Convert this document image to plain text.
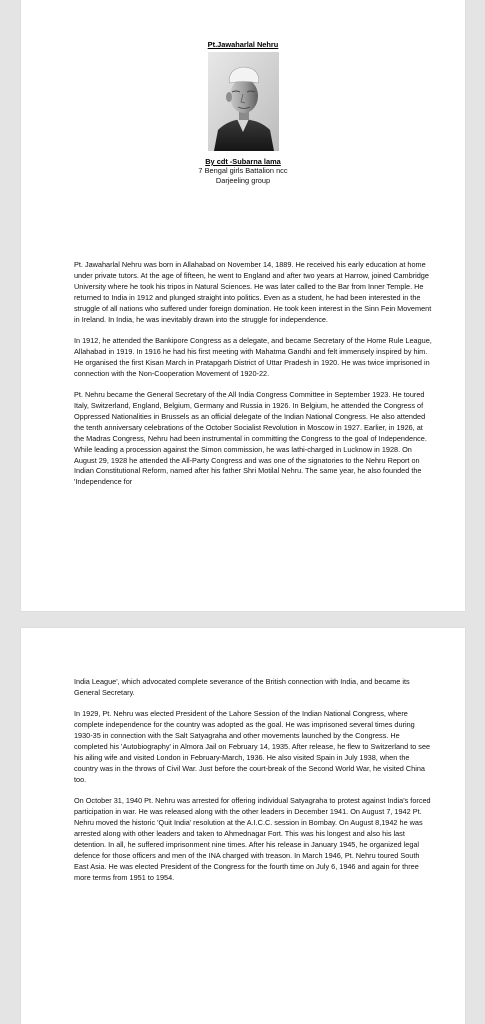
Pt.Jawaharlal Nehru
By cdt -Subarna lama
7 Bengal girls Battalion ncc
Darjeeling group

Pt. Jawaharlal Nehru was born in Allahabad on November 14, 1889. He received his early education at home under private tutors. At the age of fifteen, he went to England and after two years at Harrow, joined Cambridge University where he took his tripos in Natural Sciences. He was later called to the Bar from Inner Temple. He returned to India in 1912 and plunged straight into politics. Even as a student, he had been interested in the struggle of all nations who suffered under foreign domination. He took keen interest in the Sinn Fein Movement in Ireland. In India, he was inevitably drawn into the struggle for independence.

In 1912, he attended the Bankipore Congress as a delegate, and became Secretary of the Home Rule League, Allahabad in 1919. In 1916 he had his first meeting with Mahatma Gandhi and felt immensely inspired by him. He organised the first Kisan March in Pratapgarh District of Uttar Pradesh in 1920. He was twice imprisoned in connection with the Non-Cooperation Movement of 1920-22.

Pt. Nehru became the General Secretary of the All India Congress Committee in September 1923. He toured Italy, Switzerland, England, Belgium, Germany and Russia in 1926. In Belgium, he attended the Congress of Oppressed Nationalities in Brussels as an official delegate of the Indian National Congress. He also attended the tenth anniversary celebrations of the October Socialist Revolution in Moscow in 1927. Earlier, in 1926, at the Madras Congress, Nehru had been instrumental in committing the Congress to the goal of Independence. While leading a procession against the Simon commission, he was lathi-charged in Lucknow in 1928. On August 29, 1928 he attended the All-Party Congress and was one of the signatories to the Nehru Report on Indian Constitutional Reform, named after his father Shri Motilal Nehru. The same year, he also founded the 'Independence for

India League', which advocated complete severance of the British connection with India, and became its General Secretary.

In 1929, Pt. Nehru was elected President of the Lahore Session of the Indian National Congress, where complete independence for the country was adopted as the goal. He was imprisoned several times during 1930-35 in connection with the Salt Satyagraha and other movements launched by the Congress. He completed his 'Autobiography' in Almora Jail on February 14, 1935. After release, he flew to Switzerland to see his ailing wife and visited London in February-March, 1936. He also visited Spain in July 1938, when the country was in the throws of Civil War. Just before the court-break of the Second World War, he visited China too.

On October 31, 1940 Pt. Nehru was arrested for offering individual Satyagraha to protest against India's forced participation in war. He was released along with the other leaders in December 1941. On August 7, 1942 Pt. Nehru moved the historic 'Quit India' resolution at the A.I.C.C. session in Bombay. On August 8,1942 he was arrested along with other leaders and taken to Ahmednagar Fort. This was his longest and also his last detention. In all, he suffered imprisonment nine times. After his release in January 1945, he organized legal defence for those officers and men of the INA charged with treason. In March 1946, Pt. Nehru toured South East Asia. He was elected President of the Congress for the fourth time on July 6, 1946 and again for three more terms from 1951 to 1954.
